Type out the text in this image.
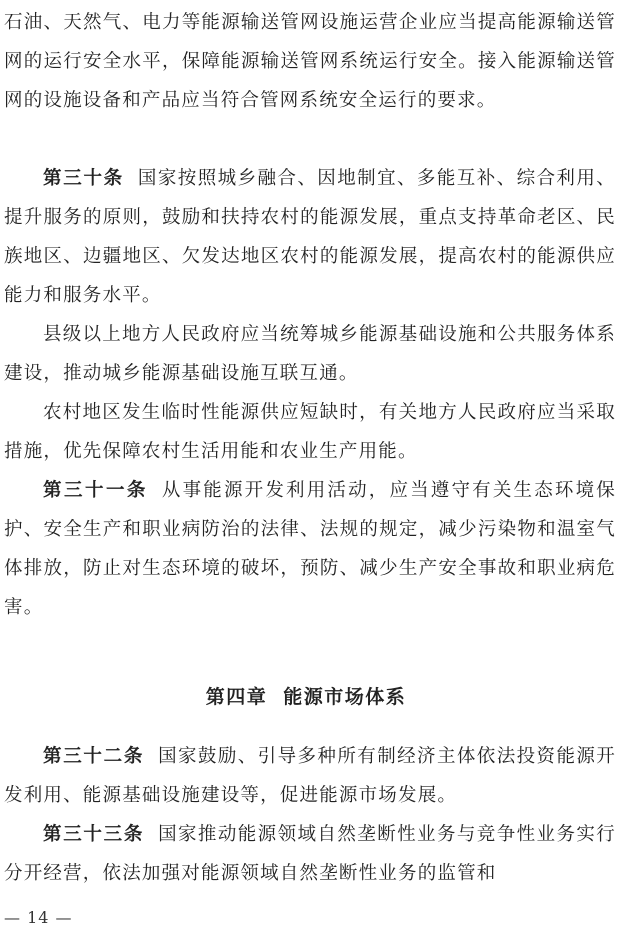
石油、天然气、电力等能源输送管网设施运营企业应当提高能源输送管网的运行安全水平，保障能源输送管网系统运行安全。接入能源输送管网的设施设备和产品应当符合管网系统安全运行的要求。

第三十条 国家按照城乡融合、因地制宜、多能互补、综合利用、提升服务的原则，鼓励和扶持农村的能源发展，重点支持革命老区、民族地区、边疆地区、欠发达地区农村的能源发展，提高农村的能源供应能力和服务水平。

县级以上地方人民政府应当统筹城乡能源基础设施和公共服务体系建设，推动城乡能源基础设施互联互通。

农村地区发生临时性能源供应短缺时，有关地方人民政府应当采取措施，优先保障农村生活用能和农业生产用能。

第三十一条 从事能源开发利用活动，应当遵守有关生态环境保护、安全生产和职业病防治的法律、法规的规定，减少污染物和温室气体排放，防止对生态环境的破坏，预防、减少生产安全事故和职业病危害。

第四章 能源市场体系

第三十二条 国家鼓励、引导多种所有制经济主体依法投资能源开发利用、能源基础设施建设等，促进能源市场发展。

第三十三条 国家推动能源领域自然垄断性业务与竞争性业务实行分开经营，依法加强对能源领域自然垄断性业务的监管和

— 14 —
